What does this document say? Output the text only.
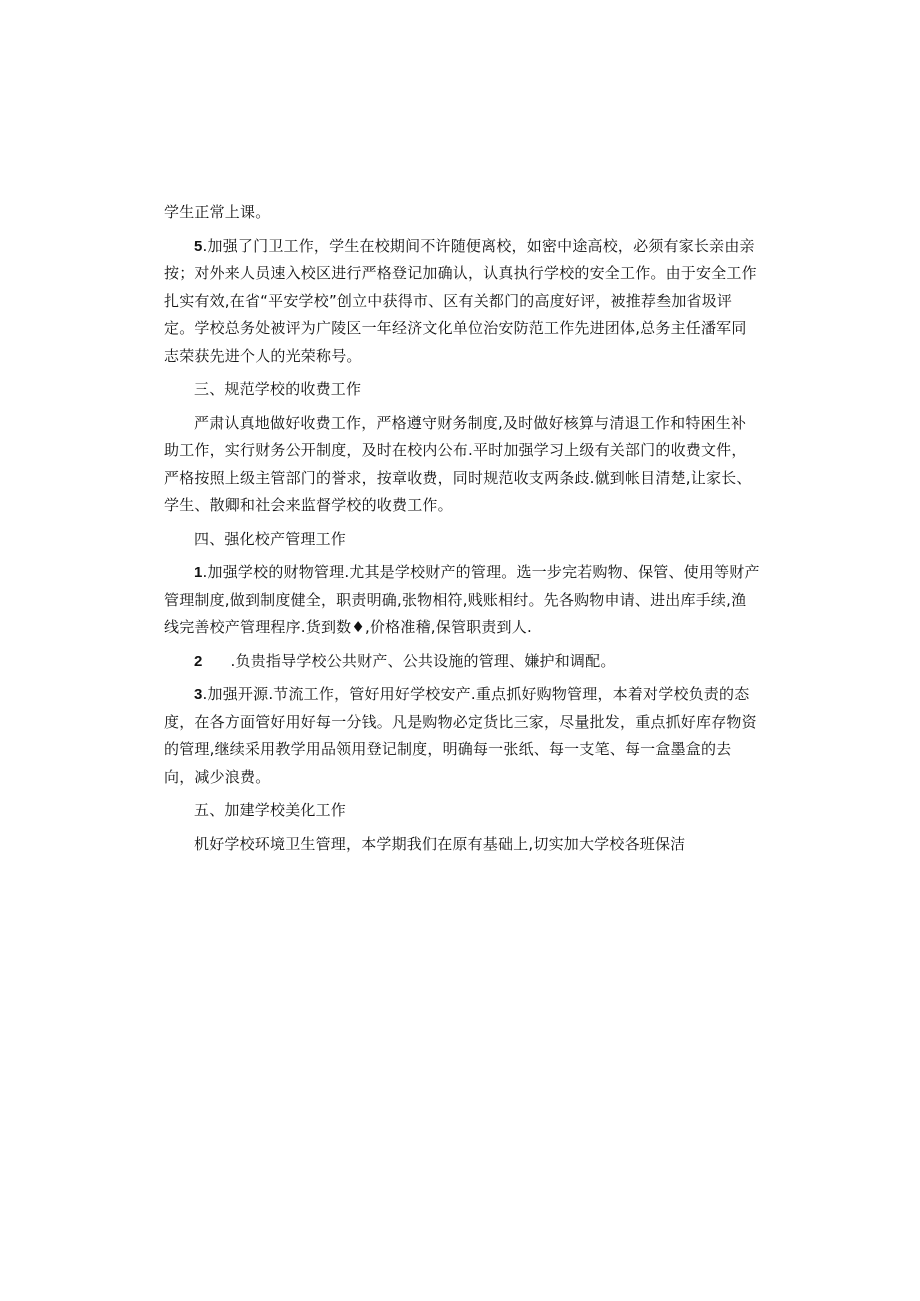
学生正常上课。

5.加强了门卫工作，学生在校期间不许随便离校，如密中途高校，必须有家长亲由亲按；对外来人员速入校区进行严格登记加确认，认真执行学校的安全工作。由于安全工作扎实有效,在省“平安学校”创立中获得市、区有关都门的高度好评，被推荐叁加省圾评定。学校总务处被评为广陵区一年经济文化单位治安防范工作先进团体,总务主任潘军同志荣获先进个人的光荣称号。

三、规范学校的收费工作

严肃认真地做好收费工作，严格遵守财务制度,及时做好核算与清退工作和特困生补助工作，实行财务公开制度，及时在校内公布.平时加强学习上级有关部门的收费文件，严格按照上级主管部门的誉求，按章收费，同时规范收支两条歧.僦到帐目清楚,让家长、学生、散卿和社会来监督学校的收费工作。

四、强化校产管理工作

1.加强学校的财物管理.尤其是学校财产的管理。选一步完若购物、保管、使用等财产管理制度,做到制度健全，职责明确,张物相符,贱账相纣。先各购物申请、进出库手续,渔线完善校产管理程序.货到数♦,价格准稽,保管职责到人.

2 .负贵指导学校公共财产、公共设施的管理、嫌护和调配。

3.加强开源.节流工作，管好用好学校安产.重点抓好购物管理，本着对学校负责的态度，在各方面管好用好每一分钱。凡是购物必定货比三家，尽量批发，重点抓好库存物资的管理,继续采用教学用品领用登记制度，明确每一张纸、每一支笔、每一盒墨盒的去向，减少浪费。

五、加建学校美化工作

机好学校环境卫生管理，本学期我们在原有基础上,切实加大学校各班保洁
